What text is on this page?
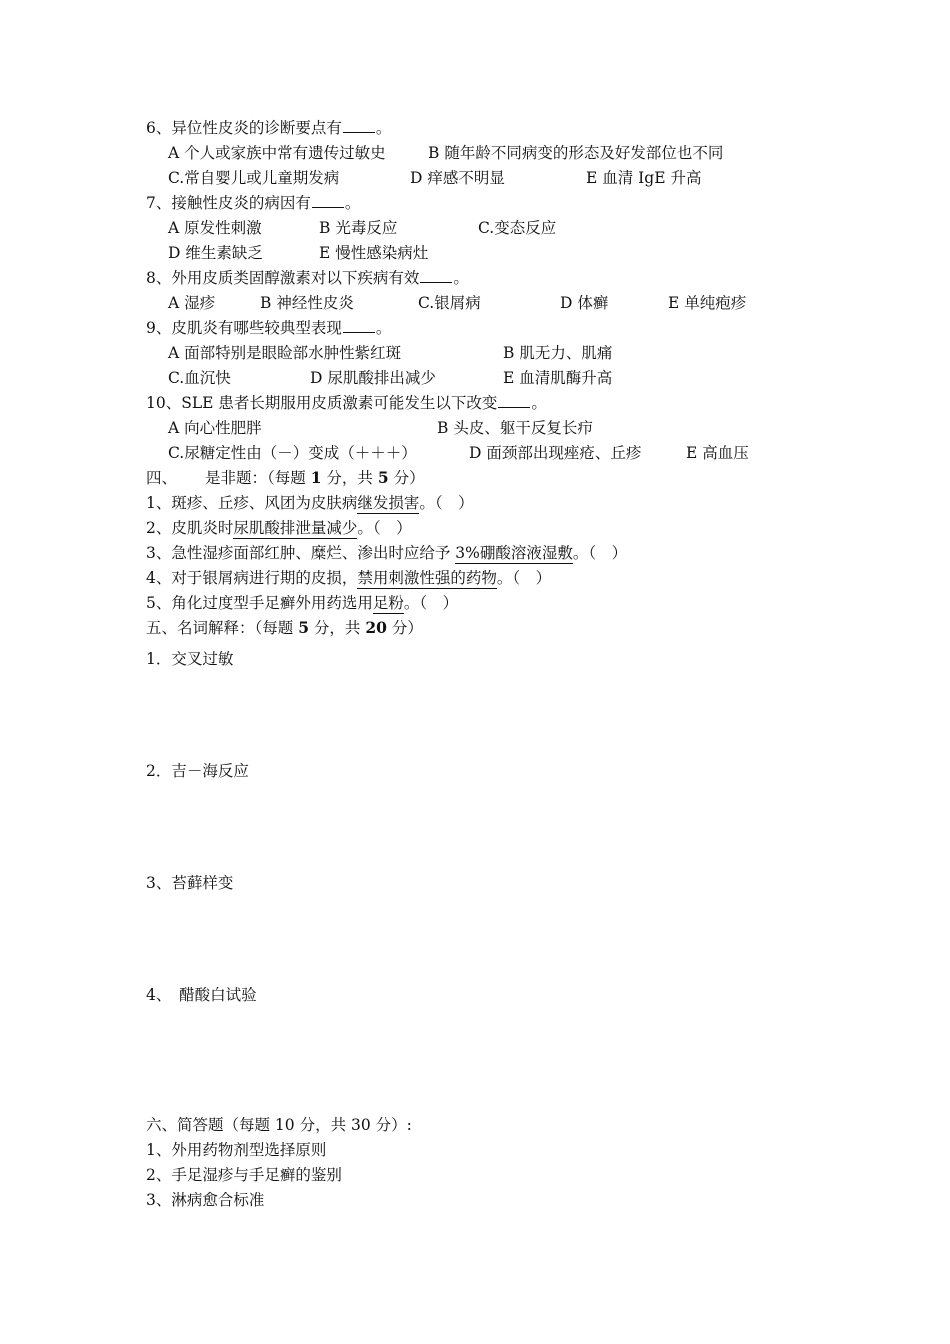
6、异位性皮炎的诊断要点有 。
A 个人或家族中常有遗传过敏史	B 随年龄不同病变的形态及好发部位也不同
C.常自婴儿或儿童期发病	D 痒感不明显	E 血清 IgE 升高
7、接触性皮炎的病因有 。
A 原发性刺激	B 光毒反应	C.变态反应
D 维生素缺乏	E 慢性感染病灶
8、外用皮质类固醇激素对以下疾病有效 。
A 湿疹	B 神经性皮炎	C.银屑病	D 体癣	E 单纯疱疹
9、皮肌炎有哪些较典型表现 。
A 面部特别是眼睑部水肿性紫红斑	B 肌无力、肌痛
C.血沉快	D 尿肌酸排出减少	E 血清肌酶升高
10、SLE 患者长期服用皮质激素可能发生以下改变 。
A 向心性肥胖	B 头皮、躯干反复长疖
C.尿糖定性由（－）变成（＋＋＋）	D 面颈部出现痤疮、丘疹	E 高血压
四、 是非题：（每题 1 分，共 5 分）
1、斑疹、丘疹、风团为皮肤病继发损害。（　）
2、皮肌炎时尿肌酸排泄量减少。（　）
3、急性湿疹面部红肿、糜烂、渗出时应给予 3%硼酸溶液湿敷。（　）
4、对于银屑病进行期的皮损，禁用刺激性强的药物。（　）
5、角化过度型手足癣外用药选用足粉。（　）
五、名词解释：（每题 5 分，共 20 分）
1．交叉过敏
2．吉－海反应
3、苔藓样变
4、　醋酸白试验
六、简答题（每题 10 分，共 30 分）:
1、外用药物剂型选择原则
2、手足湿疹与手足癣的鉴别
3、淋病愈合标准
